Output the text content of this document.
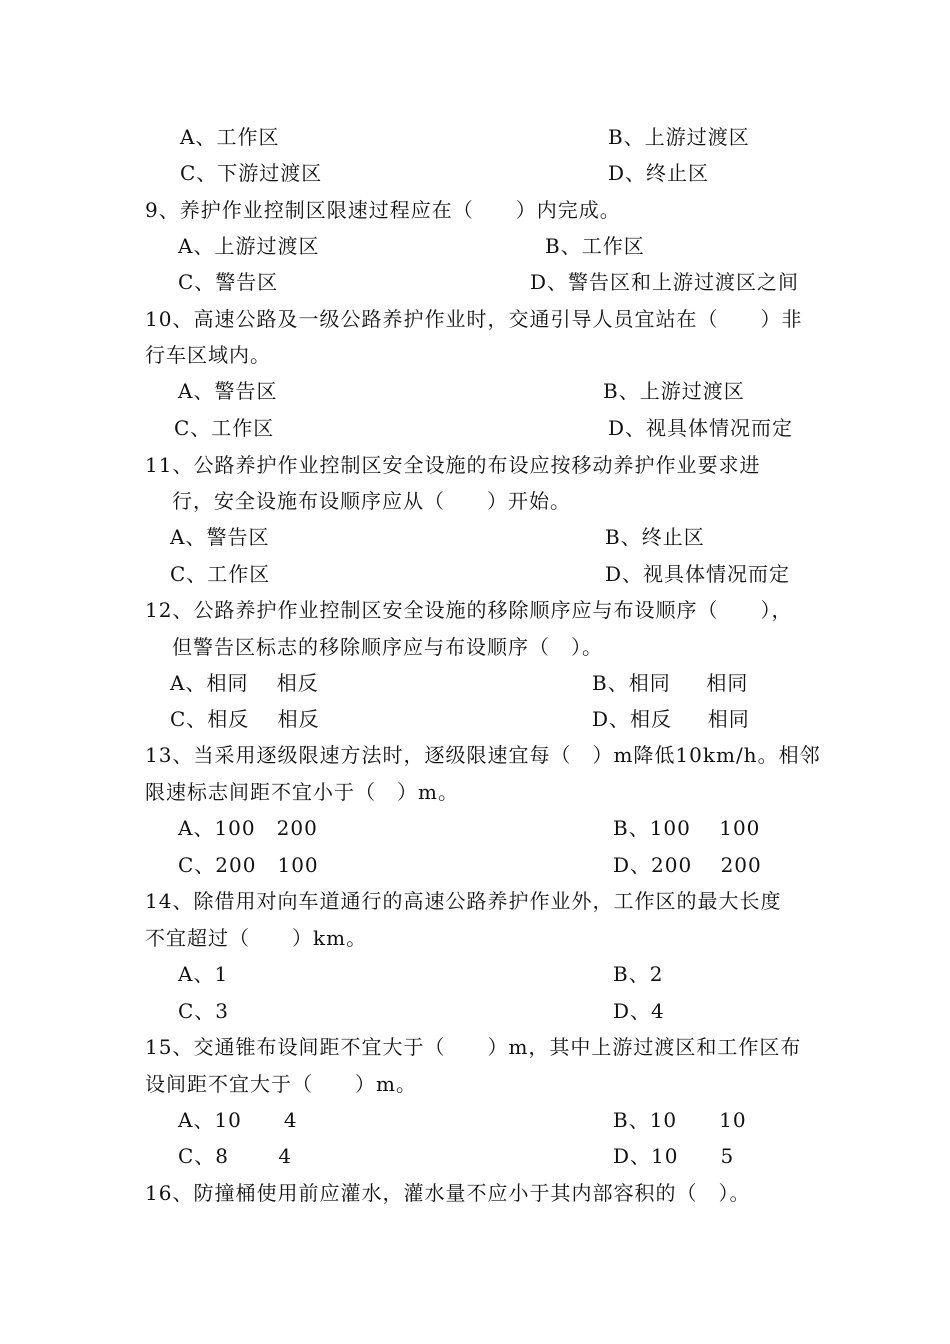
A、工作区	B、上游过渡区
C、下游过渡区	D、终止区
9、养护作业控制区限速过程应在（　　）内完成。
A、上游过渡区	B、工作区
C、警告区	D、警告区和上游过渡区之间
10、高速公路及一级公路养护作业时，交通引导人员宜站在（　　）非
行车区域内。
A、警告区	B、上游过渡区
C、工作区	D、视具体情况而定
11、公路养护作业控制区安全设施的布设应按移动养护作业要求进
行，安全设施布设顺序应从（　　）开始。
A、警告区	B、终止区
C、工作区	D、视具体情况而定
12、公路养护作业控制区安全设施的移除顺序应与布设顺序（　　），
但警告区标志的移除顺序应与布设顺序（　）。
A、相同　 相反	B、相同　  相同
C、相反　 相反	D、相反　  相同
13、当采用逐级限速方法时，逐级限速宜每（　）m降低10km/h。相邻
限速标志间距不宜小于（　）m。
A、100　200	B、100　 100
C、200　100	D、200　 200
14、除借用对向车道通行的高速公路养护作业外，工作区的最大长度
不宜超过（　　）km。
A、1	B、2
C、3	D、4
15、交通锥布设间距不宜大于（　　）m，其中上游过渡区和工作区布
设间距不宜大于（　　）m。
A、10　　4	B、10　　10
C、8　　 4	D、10　　5
16、防撞桶使用前应灌水，灌水量不应小于其内部容积的（　）。
